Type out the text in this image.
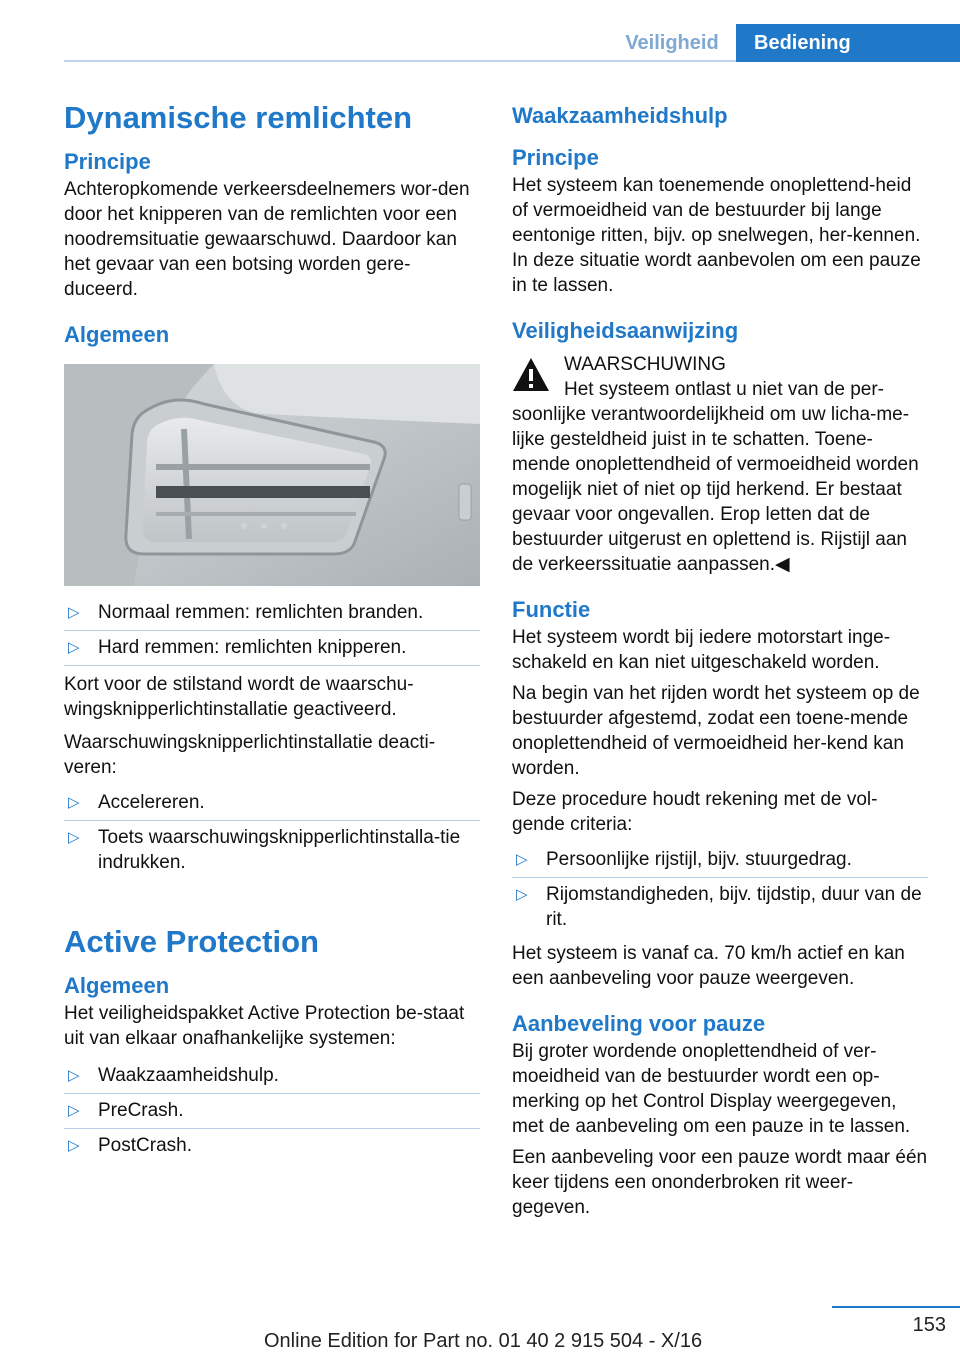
Veiligheid	Bediening
Dynamische remlichten
Principe

Achteropkomende verkeersdeelnemers wor-den door het knipperen van de remlichten voor een noodremsituatie gewaarschuwd. Daardoor kan het gevaar van een botsing worden gere-duceerd.

Algemeen
▷ Normaal remmen: remlichten branden.
▷ Hard remmen: remlichten knipperen.

Kort voor de stilstand wordt de waarschu-wingsknipperlichtinstallatie geactiveerd.

Waarschuwingsknipperlichtinstallatie deacti-veren:

▷ Accelereren.
▷ Toets waarschuwingsknipperlichtinstalla-tie indrukken.
Active Protection
Algemeen

Het veiligheidspakket Active Protection be-staat uit van elkaar onafhankelijke systemen:

▷ Waakzaamheidshulp.
▷ PreCrash.
▷ PostCrash.
Waakzaamheidshulp
Principe

Het systeem kan toenemende onoplettend-heid of vermoeidheid van de bestuurder bij lange eentonige ritten, bijv. op snelwegen, her-kennen. In deze situatie wordt aanbevolen om een pauze in te lassen.

Veiligheidsaanwijzing
WAARSCHUWING
Het systeem ontlast u niet van de per-

soonlijke verantwoordelijkheid om uw licha-me-lijke gesteldheid juist in te schatten. Toene-mende onoplettendheid of vermoeidheid worden mogelijk niet of niet op tijd herkend. Er bestaat gevaar voor ongevallen. Erop letten dat de bestuurder uitgerust en oplettend is. Rijstijl aan de verkeerssituatie aanpassen.◀

Functie

Het systeem wordt bij iedere motorstart inge-schakeld en kan niet uitgeschakeld worden.

Na begin van het rijden wordt het systeem op de bestuurder afgestemd, zodat een toene-mende onoplettendheid of vermoeidheid her-kend kan worden.

Deze procedure houdt rekening met de vol-gende criteria:

▷ Persoonlijke rijstijl, bijv. stuurgedrag.
▷ Rijomstandigheden, bijv. tijdstip, duur van de rit.

Het systeem is vanaf ca. 70 km/h actief en kan een aanbeveling voor pauze weergeven.

Aanbeveling voor pauze

Bij groter wordende onoplettendheid of ver-moeidheid van de bestuurder wordt een op-merking op het Control Display weergegeven, met de aanbeveling om een pauze in te lassen.

Een aanbeveling voor een pauze wordt maar één keer tijdens een ononderbroken rit weer-gegeven.

153
Online Edition for Part no. 01 40 2 915 504 - X/16
